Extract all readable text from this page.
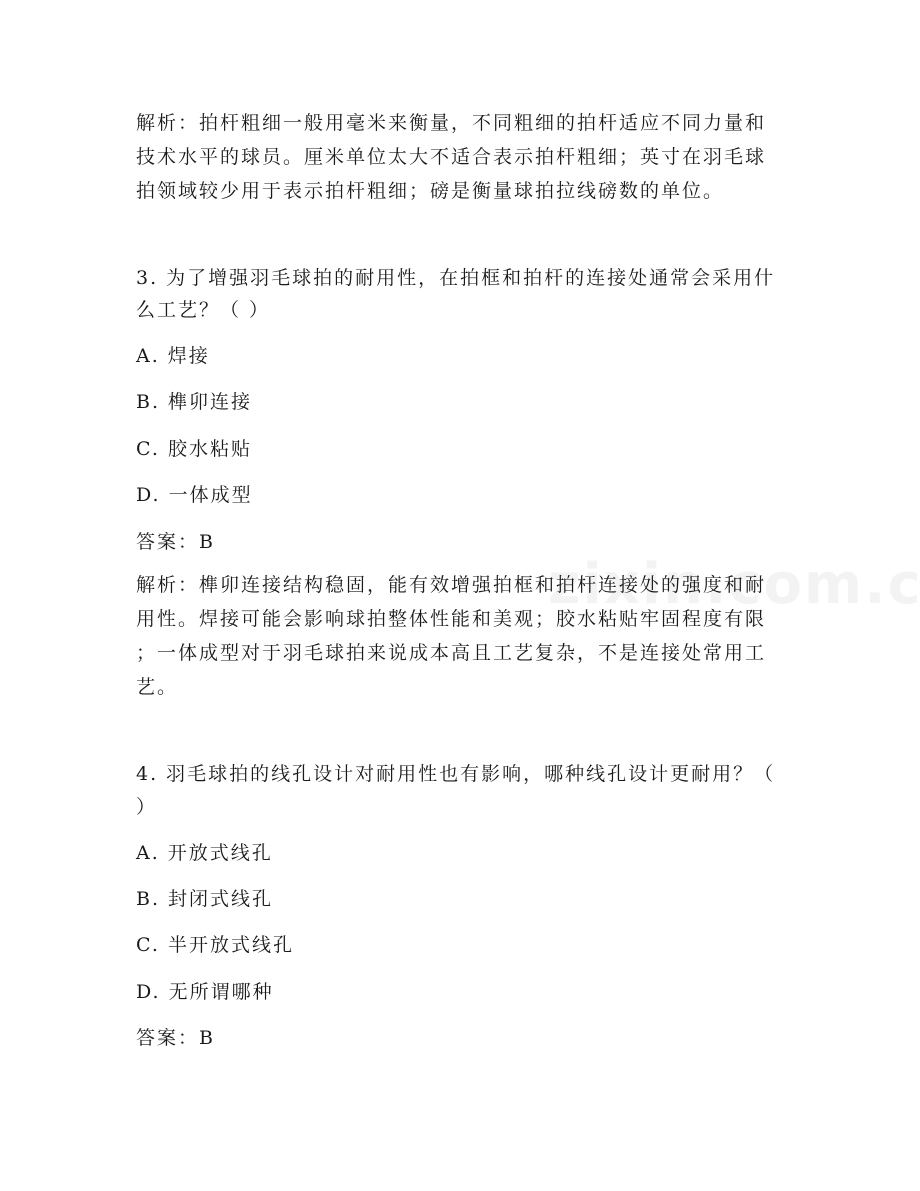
解析：拍杆粗细一般用毫米来衡量，不同粗细的拍杆适应不同力量和
技术水平的球员。厘米单位太大不适合表示拍杆粗细；英寸在羽毛球
拍领域较少用于表示拍杆粗细；磅是衡量球拍拉线磅数的单位。
3. 为了增强羽毛球拍的耐用性，在拍框和拍杆的连接处通常会采用什
么工艺？（ ）
A. 焊接
B. 榫卯连接
C. 胶水粘贴
D. 一体成型
答案：B
解析：榫卯连接结构稳固，能有效增强拍框和拍杆连接处的强度和耐
用性。焊接可能会影响球拍整体性能和美观；胶水粘贴牢固程度有限
；一体成型对于羽毛球拍来说成本高且工艺复杂，不是连接处常用工
艺。
4. 羽毛球拍的线孔设计对耐用性也有影响，哪种线孔设计更耐用？（
）
A. 开放式线孔
B. 封闭式线孔
C. 半开放式线孔
D. 无所谓哪种
答案：B
